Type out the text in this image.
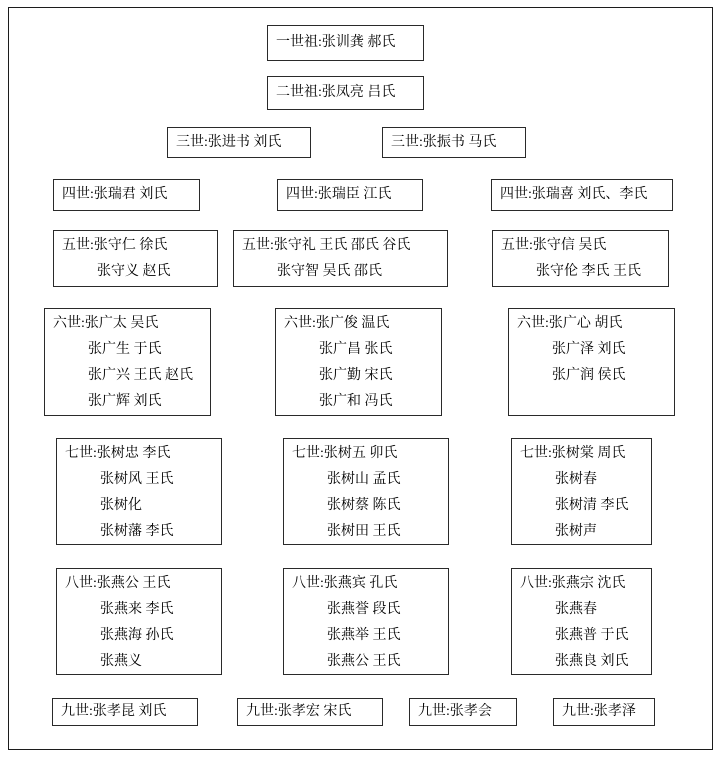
一世祖:张训龚 郝氏
二世祖:张凤亮 吕氏
三世:张进书 刘氏	三世:张振书 马氏
四世:张瑞君 刘氏	四世:张瑞臣 江氏	四世:张瑞喜 刘氏、李氏
五世:张守仁 徐氏
张守义 赵氏
五世:张守礼 王氏 邵氏 谷氏
张守智 吴氏 邵氏
五世:张守信 吴氏
张守伦 李氏 王氏
六世:张广太 吴氏
张广生 于氏
张广兴 王氏 赵氏
张广辉 刘氏
六世:张广俊 温氏
张广昌 张氏
张广勤 宋氏
张广和 冯氏
六世:张广心 胡氏
张广泽 刘氏
张广润 侯氏
七世:张树忠 李氏
张树风 王氏
张树化
张树藩 李氏
七世:张树五 卯氏
张树山 孟氏
张树蔡 陈氏
张树田 王氏
七世:张树棠 周氏
张树春
张树清 李氏
张树声
八世:张燕公 王氏
张燕来 李氏
张燕海 孙氏
张燕义
八世:张燕宾 孔氏
张燕誉 段氏
张燕举 王氏
张燕公 王氏
八世:张燕宗 沈氏
张燕春
张燕普 于氏
张燕良 刘氏
九世:张孝昆 刘氏	九世:张孝宏 宋氏	九世:张孝会	九世:张孝泽
